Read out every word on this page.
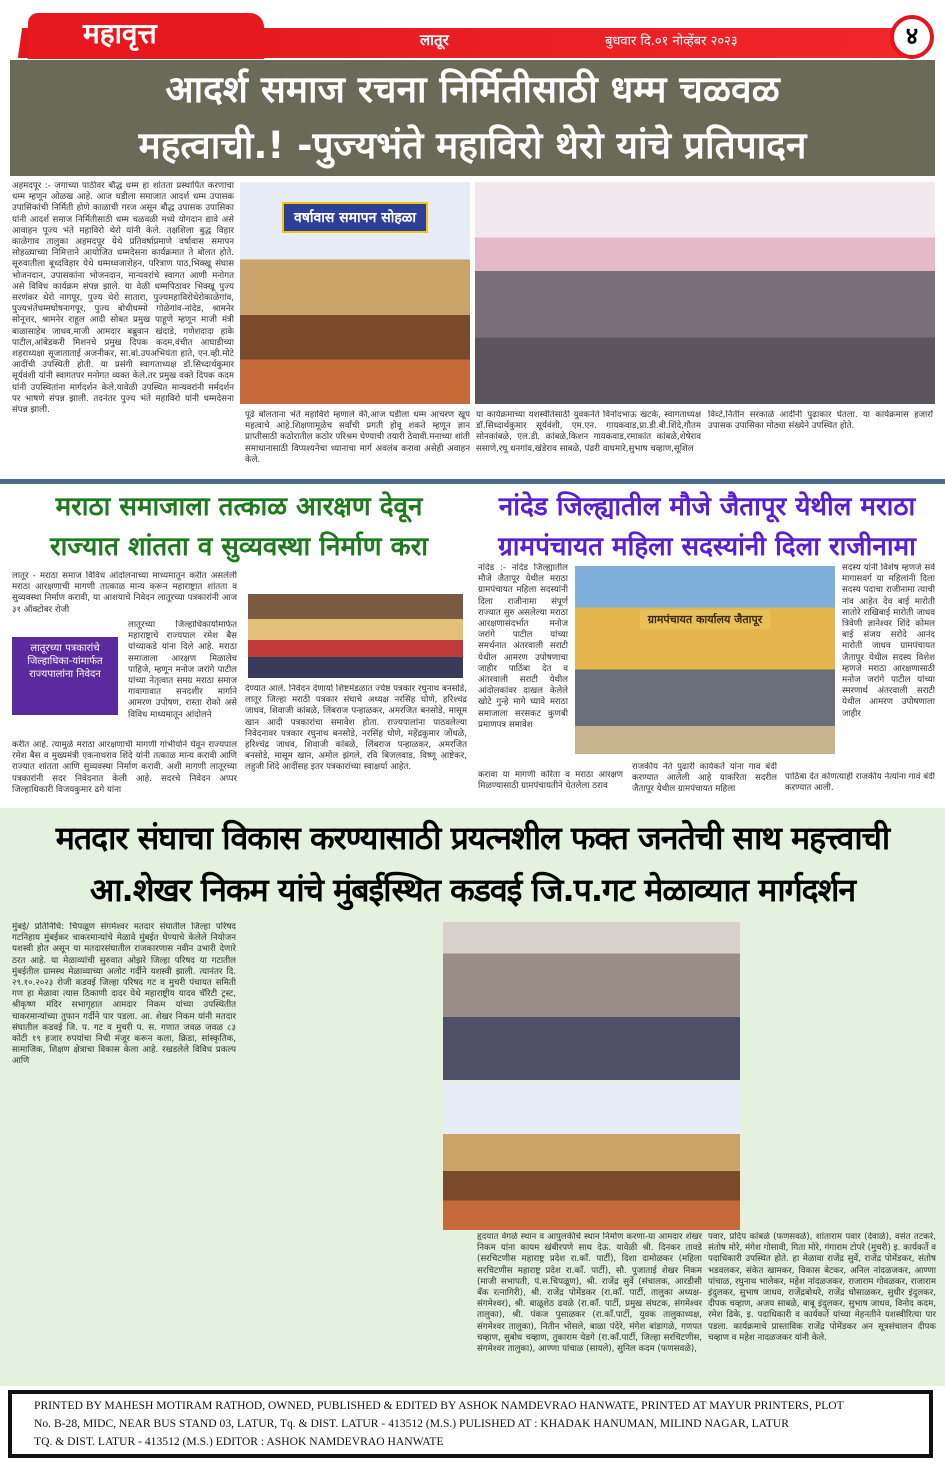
महावृत्त	लातूर	बुधवार दि.०१ नोव्हेंबर २०२३	४
आदर्श समाज रचना निर्मितीसाठी धम्म चळवळ
महत्वाची.! -पुज्यभंते महाविरो थेरो यांचे प्रतिपादन
अहमदपूर :- जगाच्या पाठीवर बौद्ध धम्म हा शांतता प्रस्थापित करणाचा धम्म म्हणून ओळख आहे. आज घडीला समाजात आदर्श धम्म उपासक उपासिकांची निर्मिती होणे काळाची गरज असून बौद्ध उपासक उपासिका यांनी आदर्श समाज निर्मितीसाठी धम्म चळवळी मध्ये योगदान द्यावे असे आवाहन पूज्य भंते महाविरो थेरो यांनी केले. तक्षशिला बुद्ध विहार काळेगाव तालुका अहमदपूर येथे प्रतिवर्षाप्रमाणे वर्षावास समापन सोहळ्याच्या निमित्ताने आयोजित धम्मदेसना कार्यक्रमात ते बोलत होते. सूरुवातीला बूध्दविहार येथे धम्मध्वजारोहन, परित्राण पाठ,भिक्खू संघास भोजनदान, उपासकांना भोजनदान, मान्यवरांचे स्वागत आणी मनोगत असे विविध कार्यक्रम संपन्न झाले. या वेळी धम्मपिठावर भिक्खू पुज्य सरणंकर थेरो नागपूर, पुज्य थेरो सातारा, पुज्यमहाविरोथेरोकाळेगांव, पुज्यभंतेधम्मघोषनागपूर, पुज्य बोधीधम्मो गोळेगांव-नांदेड, श्रामनेर सोनूत्तर, श्रामनेर राहूल आदी सोबत प्रमुख पाहूणे म्हणून माजी मंत्री बाळासाहेब जाधव,माजी आमदार बब्रुवान खंदाडे, गणेशदादा हाके पाटील,आंबेडकरी मिशनचे प्रमुख दिपक कदम,वंचीत आघाडीच्या शहराध्यक्षा सूजाताताई अजनीकर, सा.बां.उपअभियंता हाते, एन.व्ही.मोटे आदींची उपस्थिती होती. या प्रसंगी स्वागताध्यक्ष डॉ.सिध्दार्थकुमार सूर्यवंशी यांनी स्वागतपर मनोगत व्यक्त केले.तर प्रमुख वक्ते दिपक कदम यांनी उपस्थितांना मार्गदर्शन केले.यावेळी उपस्थित मान्यवरांनी मर्मदर्शन पर भाषणे संपन्न झाली. तदनंतर पुज्य भंते महाविरो यांनी धम्मदेसना संपन्न झाली.
वर्षावास समापन सोहळा
पूढे बोलताना भंते महाविरो म्हणाले की,आज घडीला धम्म आचरण खूप महत्वाचे आहे.शिक्षणामूळेच सर्वांची प्रगती होवू शकते म्हणून ज्ञान प्राप्तीसाठी कठोरातील कठोर परिश्रम घेण्याची तयारी ठेवावी.मनाच्या शांती समाधानासाठी विप्पश्यनेचा ध्यानाचा मार्ग अवलंब करावा असेही अवाहन केले.
या कार्यक्रमाच्या यशस्वीतेसाठी युवकनेते विनोदभाऊ खटके, स्वागताध्यक्ष डॉ.सिध्दार्थकुमार सूर्यवंशी, एम.एन. गायकवाड,प्रा.डी.बी.शिंदे,गौतम सोनकांबळे, एल.डी. कांबळे,किशन गायकवाड,रमाकांत कांबळे,शेषेराव ससाणे,रघू धनगांव,खंडेराव साबळे, पंढरी वाघमारे,सुभाष चव्हाण,सूशिल
विव्टे,नितीन सरकाळे आदींनी पुढाकार घेतला. या कार्यक्रमास हजारों उपासक उपासिका मोठ्या संख्येने उपस्थित होते.
मराठा समाजाला तत्काळ आरक्षण देवून
राज्यात शांतता व सुव्यवस्था निर्माण करा
लातूर - मराठा समाज विविध आंदोलनाच्या माध्यमातून करीत असलेली मराठा आरक्षणाची मागणी तात्काळ मान्य करून महाराष्ट्रात शांतता व सुव्यवस्था निर्माण करावी, या आशयाचे निवेदन लातूरच्या पत्रकारांनी आज ३१ ऑक्टोबर रोजी
लातूरच्या पत्रकारांचे जिल्हाधिका-यांमार्फत राज्यपालांना निवेदन
लातूरच्या जिल्हाधिकार्यामार्फत महाराष्ट्राचे राज्यपाल रमेश बैस यांच्याकडे यांना दिले आहे. मराठा समाजाला आरक्षण मिळालेच पाहिजे, म्हणून मनोज जरांगे पाटील यांच्या नेतृत्वात समग्र मराठा समाज गावागावात सनदशीर मार्गाने आमरण उपोषण, रास्ता रोको असे विविध माध्यमातून आंदोलने
करीत आहे. त्यामुळे मराठा आरक्षणाची मागणी गांभीर्याने घेवून राज्यपाल रमेश बैस व मुख्यमंत्री एकनाथराव शिंदे यांनी तत्काळ मान्य करावी आणि राज्यात शांतता आणि सुव्यवस्था निर्माण करावी. अशी मागणी लातूरच्या पत्रकारांनी सदर निवेदनात केली आहे. सदरचे निवेदन अप्पर जिल्हाधिकारी विजयकुमार ढगे यांना
देण्यात आले. निवेदन देणार्या शिष्टमंडळात ज्येष्ठ पत्रकार रघुनाथ बनसोडे, लातूर जिल्हा मराठी पत्रकार संघाचे अध्यक्ष नरसिंह घोणे, हरिश्चंद्र जाधव, शिवाजी कांबळे, लिंबराज पन्हाळकर, अमरजित बनसोडे, मासूम खान आदी पत्रकारांचा समावेश होता. राज्यपालांना पाठवलेल्या निवेदनावर पत्रकार रघुनाथ बनसोडे, नरसिंह घोणे, महेंद्रकुमार जोंधळे, हरिश्चंद्र जाधव, शिवाजी कांबळे, लिंबराज पन्हाळकर, अमरजित बनसोडे, मासूम खान, अमोल झंगले, रवि बिजलवाड, विष्णू आष्टेकर, लहुजी शिंदे आदींसह इतर पत्रकारांच्या स्वाक्षर्या आहेत.
नांदेड जिल्ह्यातील मौजे जैतापूर येथील मराठा
ग्रामपंचायत महिला सदस्यांनी दिला राजीनामा
नांदेड :- नांदेड जिल्ह्यातील मौजे जैतापूर येथील मराठा ग्रामपंचायत महिला सदस्यांनी दिला राजीनामा संपूर्ण राज्यात सुरु असलेल्या मराठा आरक्षणासंदर्भात मनोज जरांगे पाटील यांच्या समर्थनात अंतरवाली सराटी येथील आमरण उपोषणाचा जाहीर पाठिंबा देत व अंतरवाली सराटी येथील आंदोलकांवर दाखल केलेले खोटे गुन्हे मागे घ्यावे मराठा समाजाला सरसकट कुणबी प्रमाणपत्र समावेश
ग्रामपंचायत कार्यालय जैतापूर
करावा या मागणी करिता व मराठा आरक्षण मिळण्यासाठी ग्रामपंचायतीने घेतलेला ठराव
राजकीय नेते पुढारी कार्यकर्ते यांना गाव बंदी करण्यात आलेली आहे याकरिता सदरील जैतापूर येथील ग्रामपंचायत महिला
सदस्य यांनी विशेष म्हणजे सर्व मागासवर्ग या महिलांनी दिला सदस्य पदाचा राजीनामा त्याची नांव आहेत देव बाई मारोती सातोरे राखिबाई मारोती जाधव त्रिवेणी ज्ञानेश्वर शिंदे कोमल बाई संजय सरोदे आनंद मारोती जाधव ग्रामपंचायत जैतापूर येथील सदस्य विशेश म्हणजे मराठा आरक्षणासाठी मनोज जरांगे पाटील यांच्या स्मरणार्थ अंतरवाली सराटी येथील आमरण उपोषणाला जाहीर
पाठिंबा देत कोणत्याही राजकीय नेत्यांना गावं बंदी करण्यात आली.
मतदार संघाचा विकास करण्यासाठी प्रयत्नशील फक्त जनतेची साथ महत्त्वाची
आ.शेखर निकम यांचे मुंबईस्थित कडवई जि.प.गट मेळाव्यात मार्गदर्शन
मुंबई/ प्रतिनिधि: चिपळूण संगमेश्वर मतदार संघातील जिल्हा परिषद गटनिहाय मुंबईकर चाकरमान्यांचे मेळावे मुंबईत घेण्याचे केलेले नियोजन यशस्वी होत असून या मतदारसंघातील राजकारणास नवीन उभारी देणारे ठरत आहे. या मेळाव्यांची सुरुवात ओझरे जिल्हा परिषद या गटातील मुंबईतील ग्रामस्थ मेळाव्याच्या अलोट गर्दीने यशस्वी झाली. त्यानंतर दि. २९.१०.२०२३ रोजी कडवई जिल्हा परिषद गट व मुचरी पंचायत समिती गण हा मेळावा त्यास ठिकाणी दादर येथे महाराष्ट्रीय यादव चॅरिटी ट्रस्ट, श्रीकृष्ण मंदिर सभागृहात आमदार निकम यांच्या उपस्थितीत चाकरमान्यांच्या तुफान गर्दीने पार पडला. आ. शेखर निकम यांनी मतदार संघातील कडवई जि. प. गट व मुचरी प. स. गणात जवळ जवळ ८३ कोटी १९ हजार रुपयांचा निधी मंजूर करून कला, क्रिडा, सांस्कृतिक, सामाजिक, शिक्षण क्षेत्राचा विकास केला आहे. रखडलेले विविध प्रकल्प आणि
हृदयात वेगळे स्थान व आपुलकीचे स्थान निर्माण करणा-या आमदार शेखर निकम यांना कायम खंबीरपणे साथ देऊ. यावेळी श्री. दिनकर तावडे (सरचिटणीस महाराष्ट्र प्रदेश रा.कॉं. पार्टी), दिशा दामोळकर (महिला सरचिटणीस महाराष्ट्र प्रदेश रा.कॉं. पार्टी), सौ. पुजाताई शेखर निकम (माजी सभापती, पं.स.चिपळूण), श्री. राजेंद्र सुर्वे (संचालक, आरडीसी बँक रत्नागिरी), श्री. राजेंद्र पोमेंडकर (रा.कॉं. पार्टी, तालुका अध्यक्ष-संगमेश्वर), श्री. बाळूशेठ ढवळे (रा.कॉं. पार्टी, प्रमुख संघटक, संगमेश्वर तालुका), श्री. पंकज पुसाळकर (रा.कॉं.पार्टी, युवक तालुकाध्यक्ष, संगमेश्वर तालुका), नितीन भोसले, बाळा पंदेरे, मंगेश बांडागळे, गणपत चव्हाण, सुबोध चव्हाण, तुकाराम येडगे (रा.कॉं.पार्टी, जिल्हा सरचिटणीस, संगमेश्वर तालुका), आण्णा पांचाळ (सायले), सुनिल कदम (फणसवळे),
पवार, प्रदिप कांबळे (फणसवळे), शांताराम पवार (देवाळे), वसंत तटकरे, संतोष मोरे, मंगेश गोसावी, गिता मोरे, गंगाराम टोपरे (मुचरी) इ. कार्यकर्ते व पदाधिकारी उपस्थित होते. हा मेळावा राजेंद्र सुर्वे, राजेंद्र पोमेंडकर, संतोष भडवलकर, संकेत खामकर, विकास बेटकर, अनिल नांदळजकर, आण्णा पांचाळ, रघुनाथ भालेकर, महेश नांदळजकर, राजाराम गोवळकर, राजाराम इंदुलकर, सुभाष जाधव, राजेंद्रबोथरे, राजेंद्र घोसाळकर, सुधीर इंदुलकर, दीपक चव्हाण, अजय साबळे, बाबू इंदुलकर, सुभाष जाधव, विनोद कदम, रमेश ढिके, इ. पदाधिकारी व कार्यकर्ते यांच्या मेहनतीने यशस्वीरित्या पार पडला. कार्यक्रमाचे प्रास्ताविक राजेंद्र पोमेंडकर अन सूत्रसंचालन दीपक चव्हाण व महेश नादळजकर यांनी केले.
PRINTED BY MAHESH MOTIRAM RATHOD, OWNED, PUBLISHED & EDITED BY ASHOK NAMDEVRAO HANWATE, PRINTED AT MAYUR PRINTERS, PLOT
No. B-28, MIDC, NEAR BUS STAND 03, LATUR, Tq. & DIST. LATUR - 413512 (M.S.) PULISHED AT : KHADAK HANUMAN, MILIND NAGAR, LATUR
TQ. & DIST. LATUR - 413512 (M.S.) EDITOR : ASHOK NAMDEVRAO HANWATE
